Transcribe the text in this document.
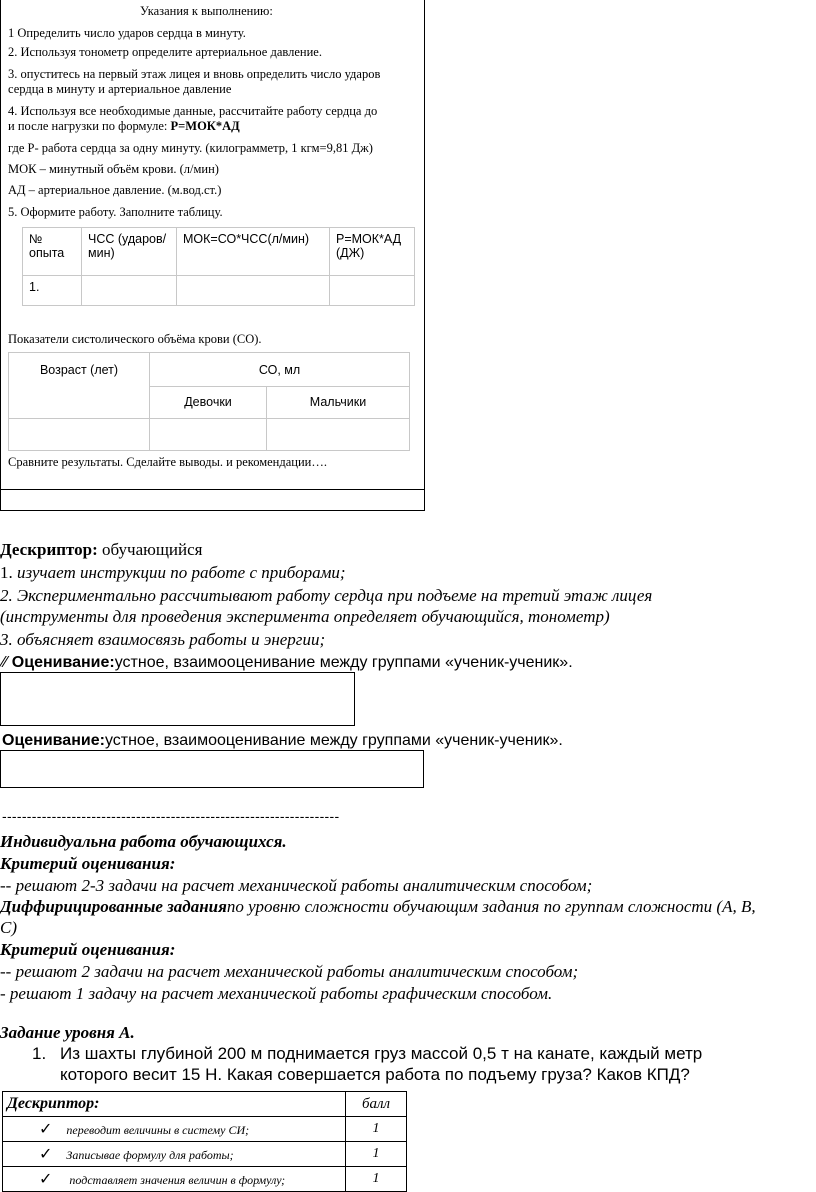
Указания к выполнению:
1 Определить число ударов сердца в минуту.
2. Используя тонометр определите артериальное давление.
3. опуститесь на первый этаж лицея и вновь определить число ударов
сердца в минуту и артериальное давление
4. Используя все необходимые данные, рассчитайте работу сердца до
и после нагрузки по формуле: Р=МОК*АД
где Р- работа сердца за одну минуту. (килограмметр, 1 кгм=9,81 Дж)
МОК – минутный объём крови. (л/мин)
АД – артериальное давление. (м.вод.ст.)
5. Оформите работу. Заполните таблицу.
№ опыта	ЧСС (ударов/мин)	МОК=СО*ЧСС(л/мин)	Р=МОК*АД (ДЖ)
1.			
Показатели систолического объёма крови (СО).
Возраст (лет)	СО, мл	
	Девочки	Мальчики

Сравните результаты. Сделайте выводы. и рекомендации….
Дескриптор: обучающийся
1. изучает инструкции по работе с приборами;
2. Экспериментально рассчитывают работу сердца при подъеме на третий этаж лицея
(инструменты для проведения эксперимента определяет обучающийся, тонометр)
3. объясняет взаимосвязь работы и энергии;
⁄⁄ Оценивание:устное, взаимооценивание между группами «ученик-ученик».
Оценивание:устное, взаимооценивание между группами «ученик-ученик».
--------------------------------------------------------------------
Индивидуальна работа обучающихся.
Критерий оценивания:
-- решают 2-3 задачи на расчет механической работы аналитическим способом;
Диффирицированные заданияпо уровню сложности обучающим задания по группам сложности (А, В,
С)
Критерий оценивания:
-- решают 2 задачи на расчет механической работы аналитическим способом;
- решают 1 задачу на расчет механической работы графическим способом.
Задание уровня А.
1. Из шахты глубиной 200 м поднимается груз массой 0,5 т на канате, каждый метр
которого весит 15 Н. Какая совершается работа по подъему груза? Каков КПД?
Дескриптор:	балл
✓ переводит величины в систему СИ;	1
✓ Записывае формулу для работы;	1
✓ подставляет значения величин в формулу;	1
